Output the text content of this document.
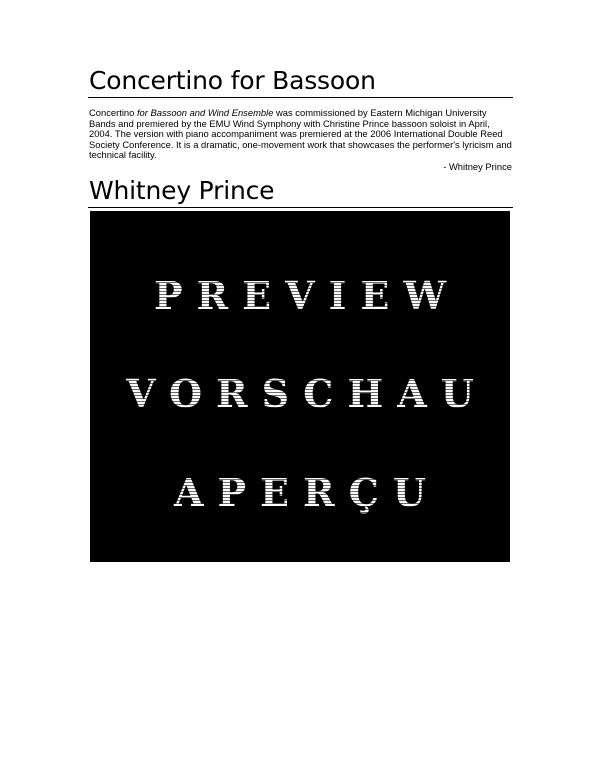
Concertino for Bassoon

Concertino for Bassoon and Wind Ensemble was commissioned by Eastern Michigan University Bands and premiered by the EMU Wind Symphony with Christine Prince bassoon soloist in April, 2004. The version with piano accompaniment was premiered at the 2006 International Double Reed Society Conference. It is a dramatic, one-movement work that showcases the performer's lyricism and technical facility.

- Whitney Prince
Whitney Prince
PREVIEW
VORSCHAU
APERÇU
